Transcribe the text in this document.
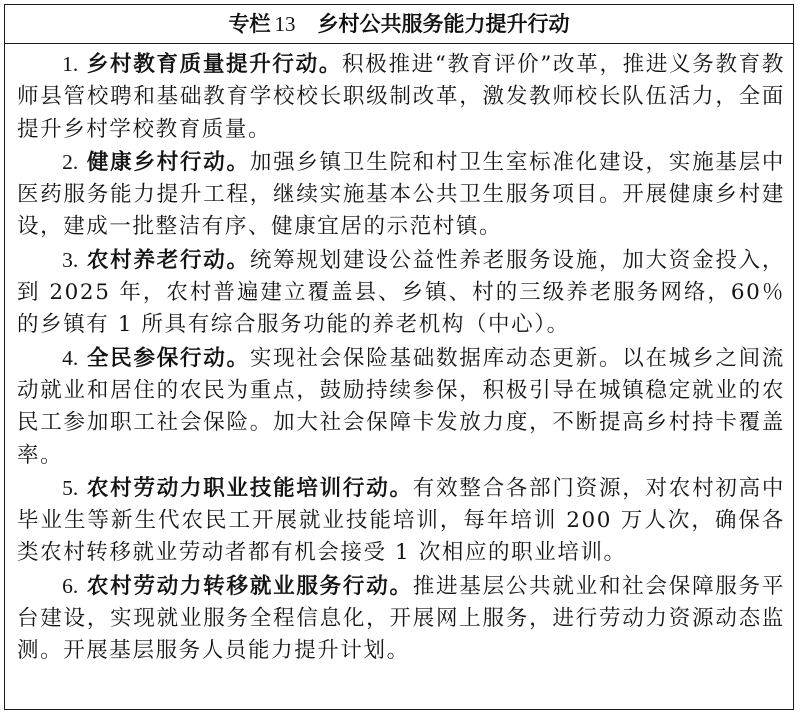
专栏 13 乡村公共服务能力提升行动

1. 乡村教育质量提升行动。积极推进“教育评价”改革，推进义务教育教师县管校聘和基础教育学校校长职级制改革，激发教师校长队伍活力，全面提升乡村学校教育质量。

2. 健康乡村行动。加强乡镇卫生院和村卫生室标准化建设，实施基层中医药服务能力提升工程，继续实施基本公共卫生服务项目。开展健康乡村建设，建成一批整洁有序、健康宜居的示范村镇。

3. 农村养老行动。统筹规划建设公益性养老服务设施，加大资金投入，到 2025 年，农村普遍建立覆盖县、乡镇、村的三级养老服务网络，60％的乡镇有 1 所具有综合服务功能的养老机构（中心）。

4. 全民参保行动。实现社会保险基础数据库动态更新。以在城乡之间流动就业和居住的农民为重点，鼓励持续参保，积极引导在城镇稳定就业的农民工参加职工社会保险。加大社会保障卡发放力度，不断提高乡村持卡覆盖率。

5. 农村劳动力职业技能培训行动。有效整合各部门资源，对农村初高中毕业生等新生代农民工开展就业技能培训，每年培训 200 万人次，确保各类农村转移就业劳动者都有机会接受 1 次相应的职业培训。

6. 农村劳动力转移就业服务行动。推进基层公共就业和社会保障服务平台建设，实现就业服务全程信息化，开展网上服务，进行劳动力资源动态监测。开展基层服务人员能力提升计划。
